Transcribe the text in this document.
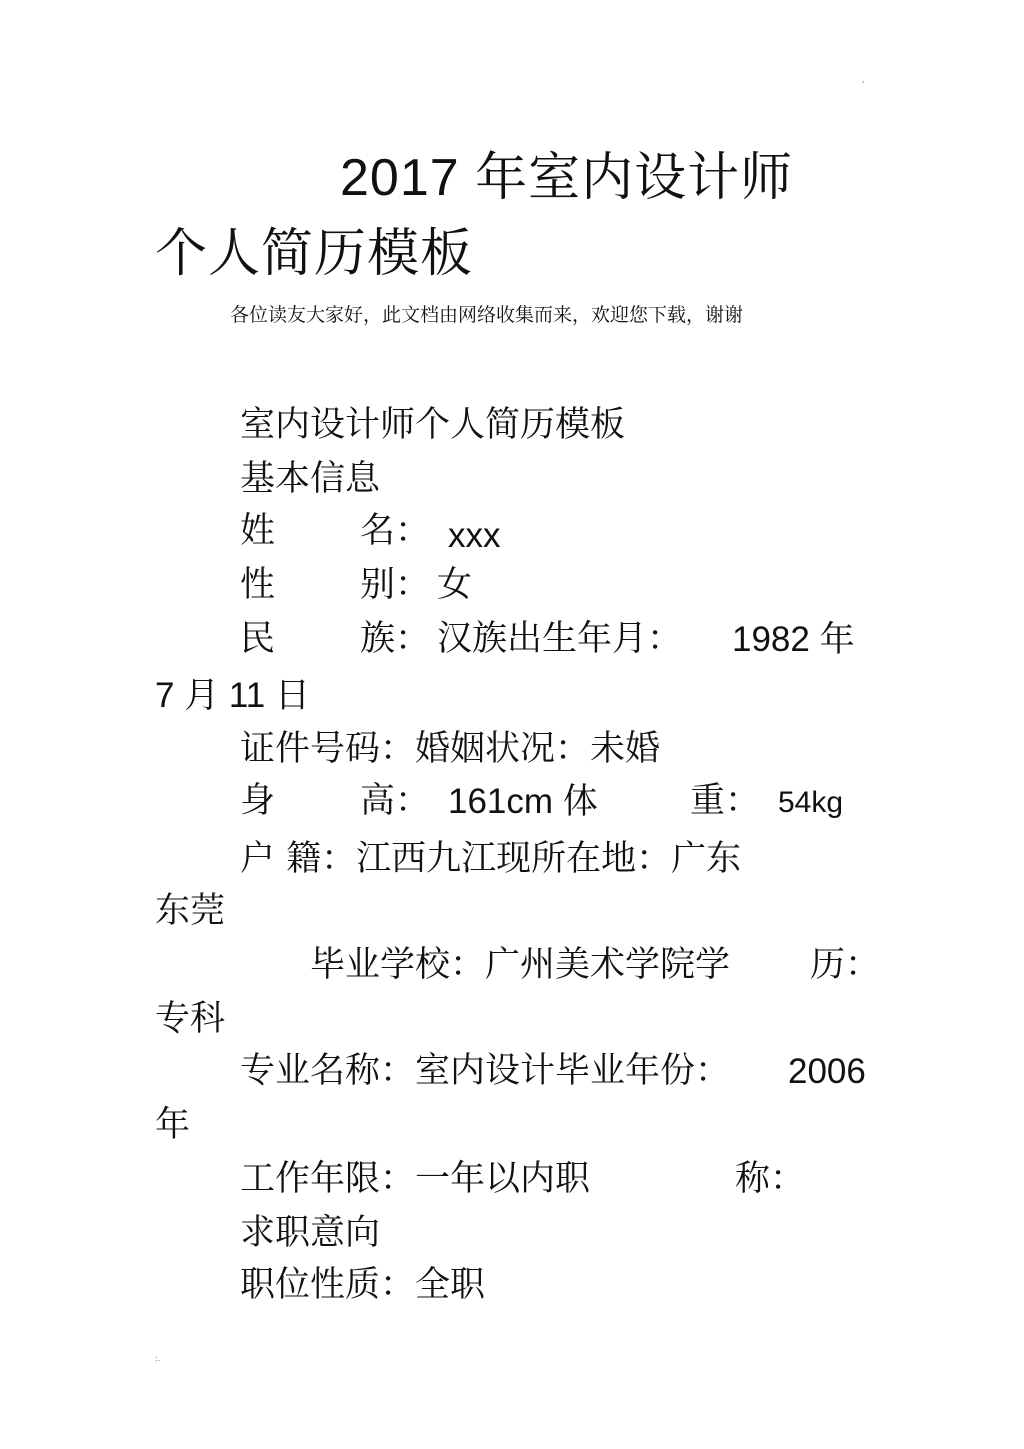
'
2017 年室内设计师
个人简历模板
各位读友大家好，此文档由网络收集而来，欢迎您下载，谢谢
室内设计师个人简历模板
基本信息
姓 名： xxx
性 别： 女
民 族： 汉族出生年月： 1982 年
7 月 11 日
证件号码：婚姻状况：未婚
身 高： 161cm 体	重： 54kg
户 籍：江西九江现所在地：广东
东莞
毕业学校：广州美术学院学 历：
专科
专业名称：室内设计毕业年份： 2006
年
工作年限：一年以内职	称：
求职意向
职位性质：全职
:.
